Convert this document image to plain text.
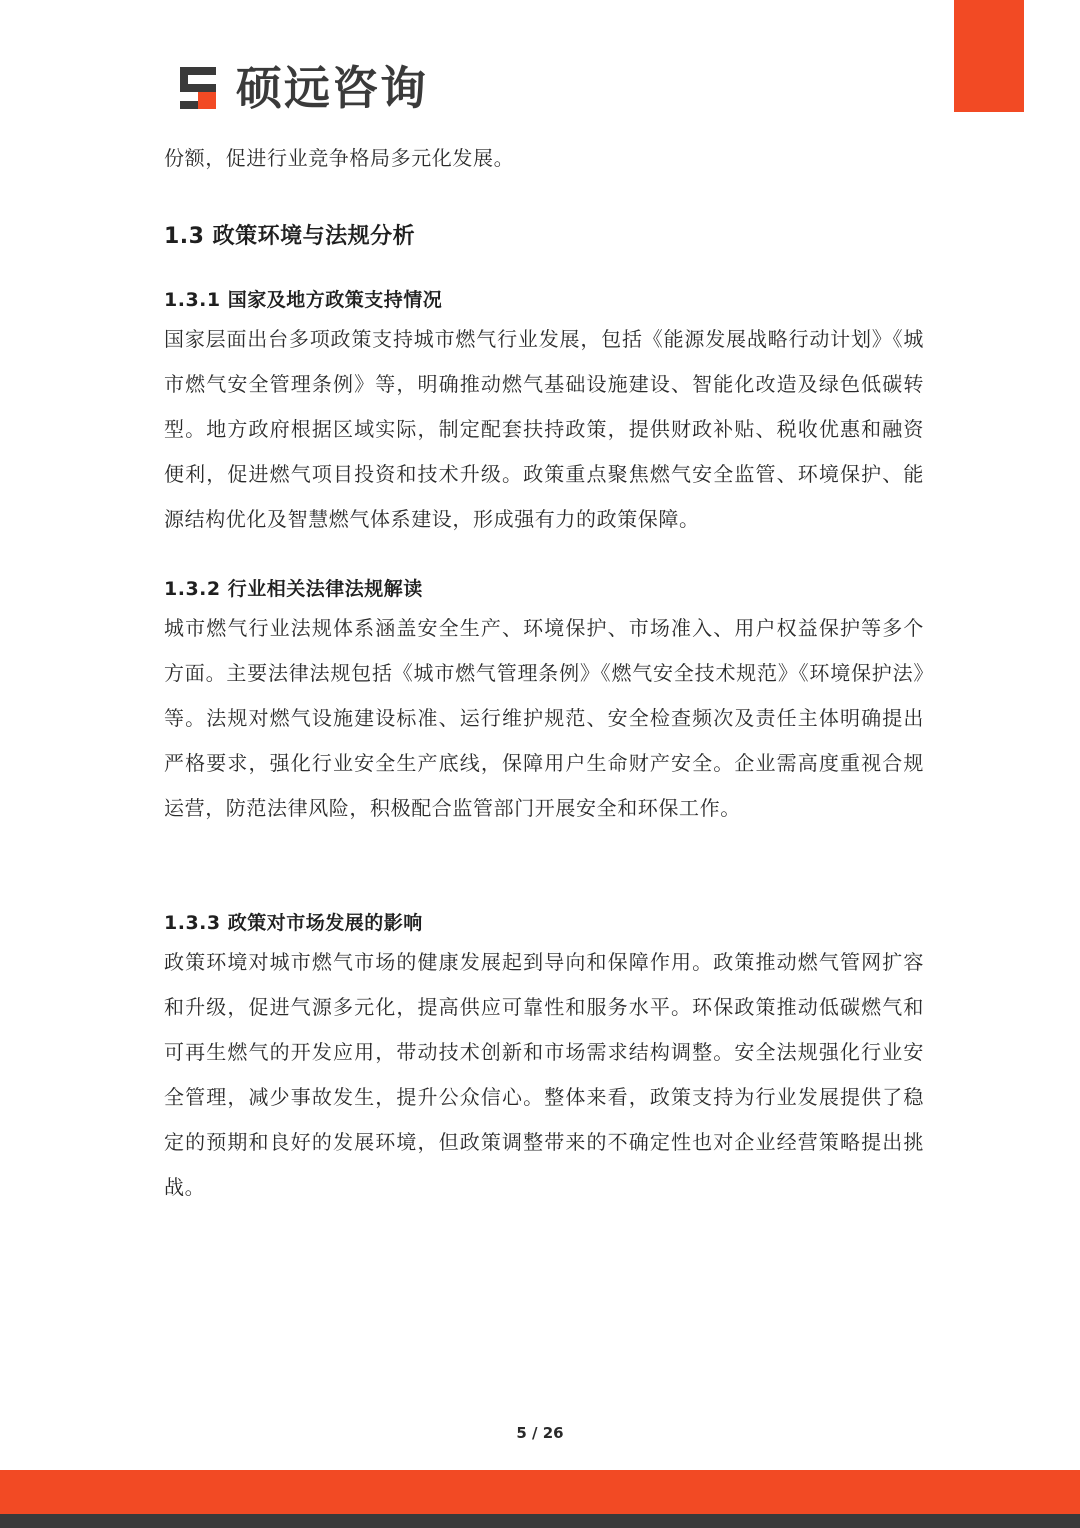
硕远咨询

份额，促进行业竞争格局多元化发展。

1.3 政策环境与法规分析
1.3.1 国家及地方政策支持情况

国家层面出台多项政策支持城市燃气行业发展，包括《能源发展战略行动计划》《城市燃气安全管理条例》等，明确推动燃气基础设施建设、智能化改造及绿色低碳转型。地方政府根据区域实际，制定配套扶持政策，提供财政补贴、税收优惠和融资便利，促进燃气项目投资和技术升级。政策重点聚焦燃气安全监管、环境保护、能源结构优化及智慧燃气体系建设，形成强有力的政策保障。

1.3.2 行业相关法律法规解读

城市燃气行业法规体系涵盖安全生产、环境保护、市场准入、用户权益保护等多个方面。主要法律法规包括《城市燃气管理条例》《燃气安全技术规范》《环境保护法》等。法规对燃气设施建设标准、运行维护规范、安全检查频次及责任主体明确提出严格要求，强化行业安全生产底线，保障用户生命财产安全。企业需高度重视合规运营，防范法律风险，积极配合监管部门开展安全和环保工作。

1.3.3 政策对市场发展的影响

政策环境对城市燃气市场的健康发展起到导向和保障作用。政策推动燃气管网扩容和升级，促进气源多元化，提高供应可靠性和服务水平。环保政策推动低碳燃气和可再生燃气的开发应用，带动技术创新和市场需求结构调整。安全法规强化行业安全管理，减少事故发生，提升公众信心。整体来看，政策支持为行业发展提供了稳定的预期和良好的发展环境，但政策调整带来的不确定性也对企业经营策略提出挑战。

5 / 26
